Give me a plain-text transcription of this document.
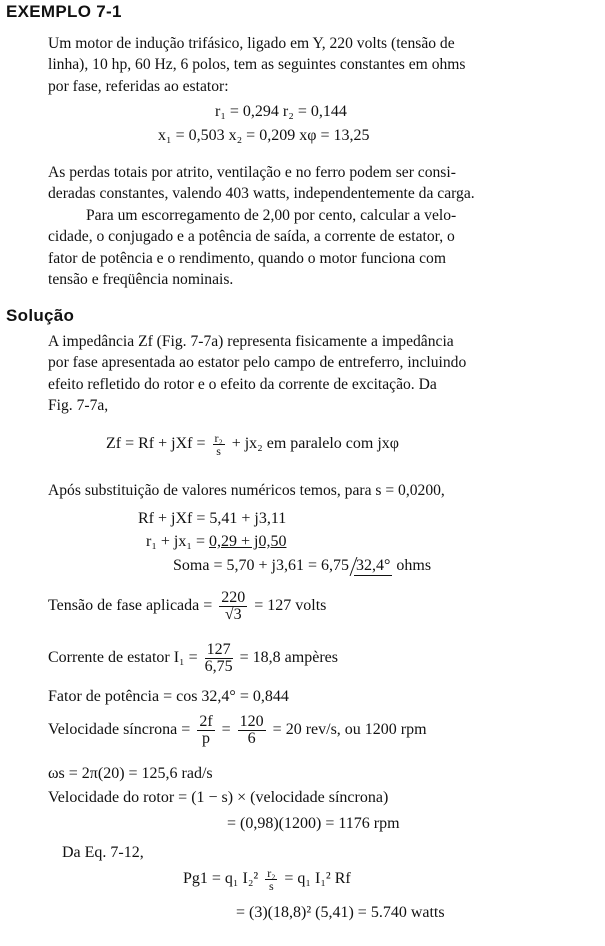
EXEMPLO 7-1
Um motor de indução trifásico, ligado em Y, 220 volts (tensão de
linha), 10 hp, 60 Hz, 6 polos, tem as seguintes constantes em ohms
por fase, referidas ao estator:
r₁ = 0,294 r₂ = 0,144
x₁ = 0,503 x₂ = 0,209 xφ = 13,25
As perdas totais por atrito, ventilação e no ferro podem ser consi-
deradas constantes, valendo 403 watts, independentemente da carga.
Para um escorregamento de 2,00 por cento, calcular a velo-
cidade, o conjugado e a potência de saída, a corrente de estator, o
fator de potência e o rendimento, quando o motor funciona com
tensão e freqüência nominais.
Solução
A impedância Zf (Fig. 7-7a) representa fisicamente a impedância
por fase apresentada ao estator pelo campo de entreferro, incluindo
efeito refletido do rotor e o efeito da corrente de excitação. Da
Fig. 7-7a,
Zf = Rf + jXf = $\frac{\text{r₂}}{s} + jx_2$ em paralelo com jxφ
Após substituição de valores numéricos temos, para s = 0,0200,
Rf + jXf = 5,41 + j3,11
r₁ + jx₁ = 0,29 + j0,50
Soma = 5,70 + j3,61 = 6,75 32,4° ohms
Tensão de fase aplicada = $\frac{220}{√3} = 127$ volts
Corrente de estator $I_1 = \frac{127}{6,75} = 18,8$ ampères
Fator de potência = cos 32,4° = 0,844
Velocidade síncrona = $\frac{2f}{p} = \frac{120}{6} = 20$ rev/s, ou 1200 rpm
ωs = 2π(20) = 125,6 rad/s
Velocidade do rotor = (1 − s) × (velocidade síncrona)
= (0,98)(1200) = 1176 rpm
Da Eq. 7-12,
Pg1 = q₁ $I_2^2 \frac{\text{r₂}}{s} = q_1$ I₁² Rf
= (3)(18,8)² (5,41) = 5.740 watts
